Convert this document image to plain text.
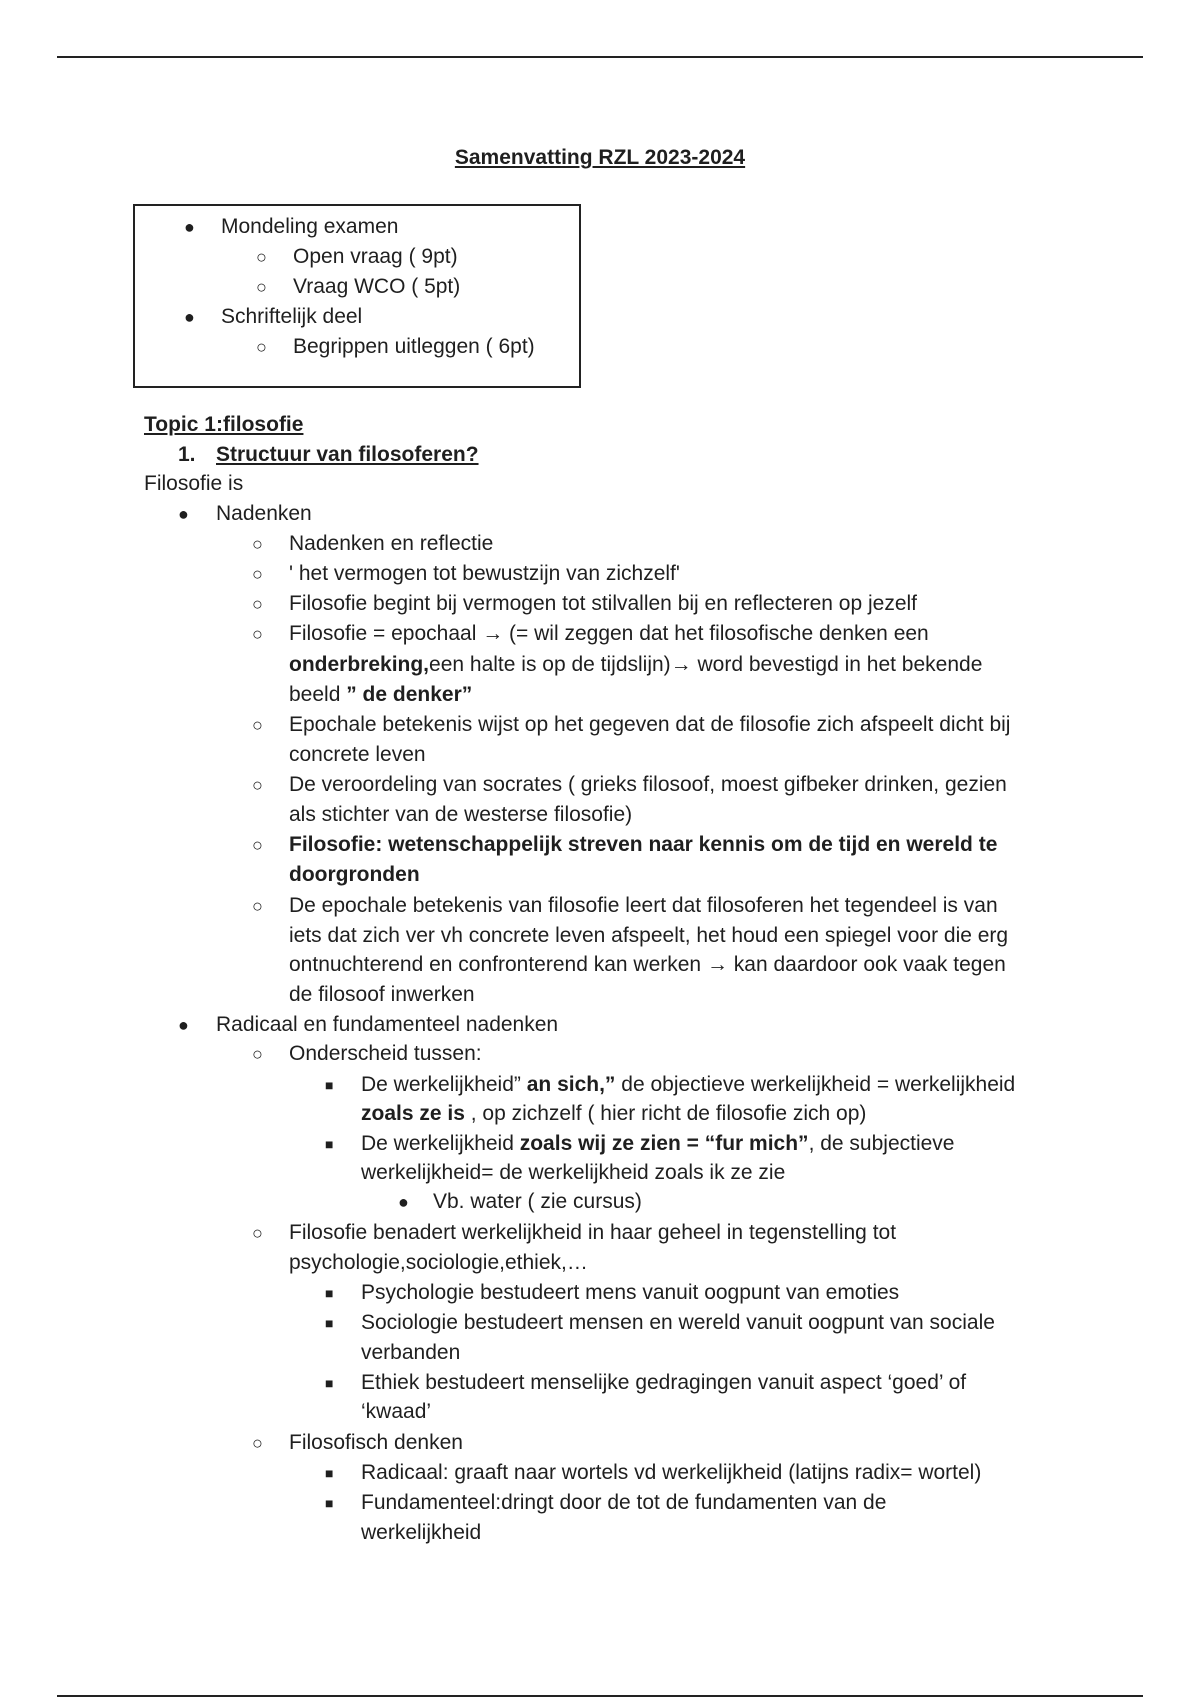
Samenvatting RZL 2023-2024
● Mondeling examen
○ Open vraag ( 9pt)
○ Vraag WCO ( 5pt)
● Schriftelijk deel
○ Begrippen uitleggen ( 6pt)
Topic 1:filosofie
1. Structuur van filosoferen?
Filosofie is
● Nadenken
○ Nadenken en reflectie
○ ' het vermogen tot bewustzijn van zichzelf'
○ Filosofie begint bij vermogen tot stilvallen bij en reflecteren op jezelf
○ Filosofie = epochaal → (= wil zeggen dat het filosofische denken een
onderbreking,een halte is op de tijdslijn)→ word bevestigd in het bekende
beeld ” de denker”
○ Epochale betekenis wijst op het gegeven dat de filosofie zich afspeelt dicht bij
concrete leven
○ De veroordeling van socrates ( grieks filosoof, moest gifbeker drinken, gezien
als stichter van de westerse filosofie)
○ Filosofie: wetenschappelijk streven naar kennis om de tijd en wereld te
doorgronden
○ De epochale betekenis van filosofie leert dat filosoferen het tegendeel is van
iets dat zich ver vh concrete leven afspeelt, het houd een spiegel voor die erg
ontnuchterend en confronterend kan werken → kan daardoor ook vaak tegen
de filosoof inwerken
● Radicaal en fundamenteel nadenken
○ Onderscheid tussen:
■ De werkelijkheid” an sich,” de objectieve werkelijkheid = werkelijkheid
zoals ze is , op zichzelf ( hier richt de filosofie zich op)
■ De werkelijkheid zoals wij ze zien = “fur mich”, de subjectieve
werkelijkheid= de werkelijkheid zoals ik ze zie
● Vb. water ( zie cursus)
○ Filosofie benadert werkelijkheid in haar geheel in tegenstelling tot
psychologie,sociologie,ethiek,…
■ Psychologie bestudeert mens vanuit oogpunt van emoties
■ Sociologie bestudeert mensen en wereld vanuit oogpunt van sociale
verbanden
■ Ethiek bestudeert menselijke gedragingen vanuit aspect ‘goed’ of
‘kwaad’
○ Filosofisch denken
■ Radicaal: graaft naar wortels vd werkelijkheid (latijns radix= wortel)
■ Fundamenteel:dringt door de tot de fundamenten van de
werkelijkheid
